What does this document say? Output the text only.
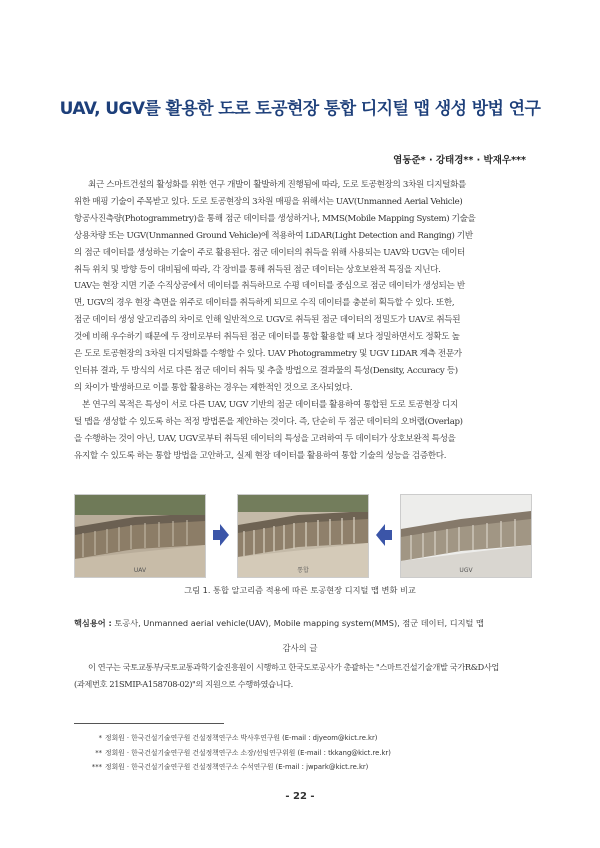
UAV, UGV를 활용한 도로 토공현장 통합 디지털 맵 생성 방법 연구
염동준* · 강태경** · 박재우***

최근 스마트건설의 활성화를 위한 연구 개발이 활발하게 진행됨에 따라, 도로 토공현장의 3차원 디지털화를

위한 매핑 기술이 주목받고 있다. 도로 토공현장의 3차원 매핑을 위해서는 UAV(Unmanned Aerial Vehicle)

항공사진측량(Photogrammetry)을 통해 점군 데이터를 생성하거나, MMS(Mobile Mapping System) 기술을

상용차량 또는 UGV(Unmanned Ground Vehicle)에 적용하여 LiDAR(Light Detection and Ranging) 기반

의 점군 데이터를 생성하는 기술이 주로 활용된다. 점군 데이터의 취득을 위해 사용되는 UAV와 UGV는 데이터

취득 위치 및 방향 등이 대비됨에 따라, 각 장비를 통해 취득된 점군 데이터는 상호보완적 특징을 지닌다.

UAV는 현장 지면 기준 수직상공에서 데이터를 취득하므로 수평 데이터를 중심으로 점군 데이터가 생성되는 반

면, UGV의 경우 현장 측면을 위주로 데이터를 취득하게 되므로 수직 데이터를 충분히 획득할 수 있다. 또한,

점군 데이터 생성 알고리즘의 차이로 인해 일반적으로 UGV로 취득된 점군 데이터의 정밀도가 UAV로 취득된

것에 비해 우수하기 때문에 두 장비로부터 취득된 점군 데이터를 통합 활용할 때 보다 정밀하면서도 정확도 높

은 도로 토공현장의 3차원 디지털화를 수행할 수 있다. UAV Photogrammetry 및 UGV LiDAR 계측 전문가

인터뷰 결과, 두 방식의 서로 다른 점군 데이터 취득 및 추출 방법으로 결과물의 특성(Density, Accuracy 등)

의 차이가 발생하므로 이를 통합 활용하는 경우는 제한적인 것으로 조사되었다.

본 연구의 목적은 특성이 서로 다른 UAV, UGV 기반의 점군 데이터를 활용하여 통합된 도로 토공현장 디지

털 맵을 생성할 수 있도록 하는 적정 방법론을 제안하는 것이다. 즉, 단순히 두 점군 데이터의 오버랩(Overlap)

을 수행하는 것이 아닌, UAV, UGV로부터 취득된 데이터의 특성을 고려하여 두 데이터가 상호보완적 특성을

유지할 수 있도록 하는 통합 방법을 고안하고, 실제 현장 데이터를 활용하여 통합 기술의 성능을 검증한다.

UAV	통합	UGV
그림 1. 통합 알고리즘 적용에 따른 토공현장 디지털 맵 변화 비교
핵심용어 : 토공사, Unmanned aerial vehicle(UAV), Mobile mapping system(MMS), 점군 데이터, 디지털 맵
감사의 글

이 연구는 국토교통부/국토교통과학기술진흥원이 시행하고 한국도로공사가 총괄하는 "스마트건설기술개발 국가R&D사업

(과제번호 21SMIP-A158708-02)"의 지원으로 수행하였습니다.

* 정회원 · 한국건설기술연구원 건설정책연구소 박사후연구원 (E-mail : djyeom@kict.re.kr)
** 정회원 · 한국건설기술연구원 건설정책연구소 소장/선임연구위원 (E-mail : tkkang@kict.re.kr)
*** 정회원 · 한국건설기술연구원 건설정책연구소 수석연구원 (E-mail : jwpark@kict.re.kr)
- 22 -
